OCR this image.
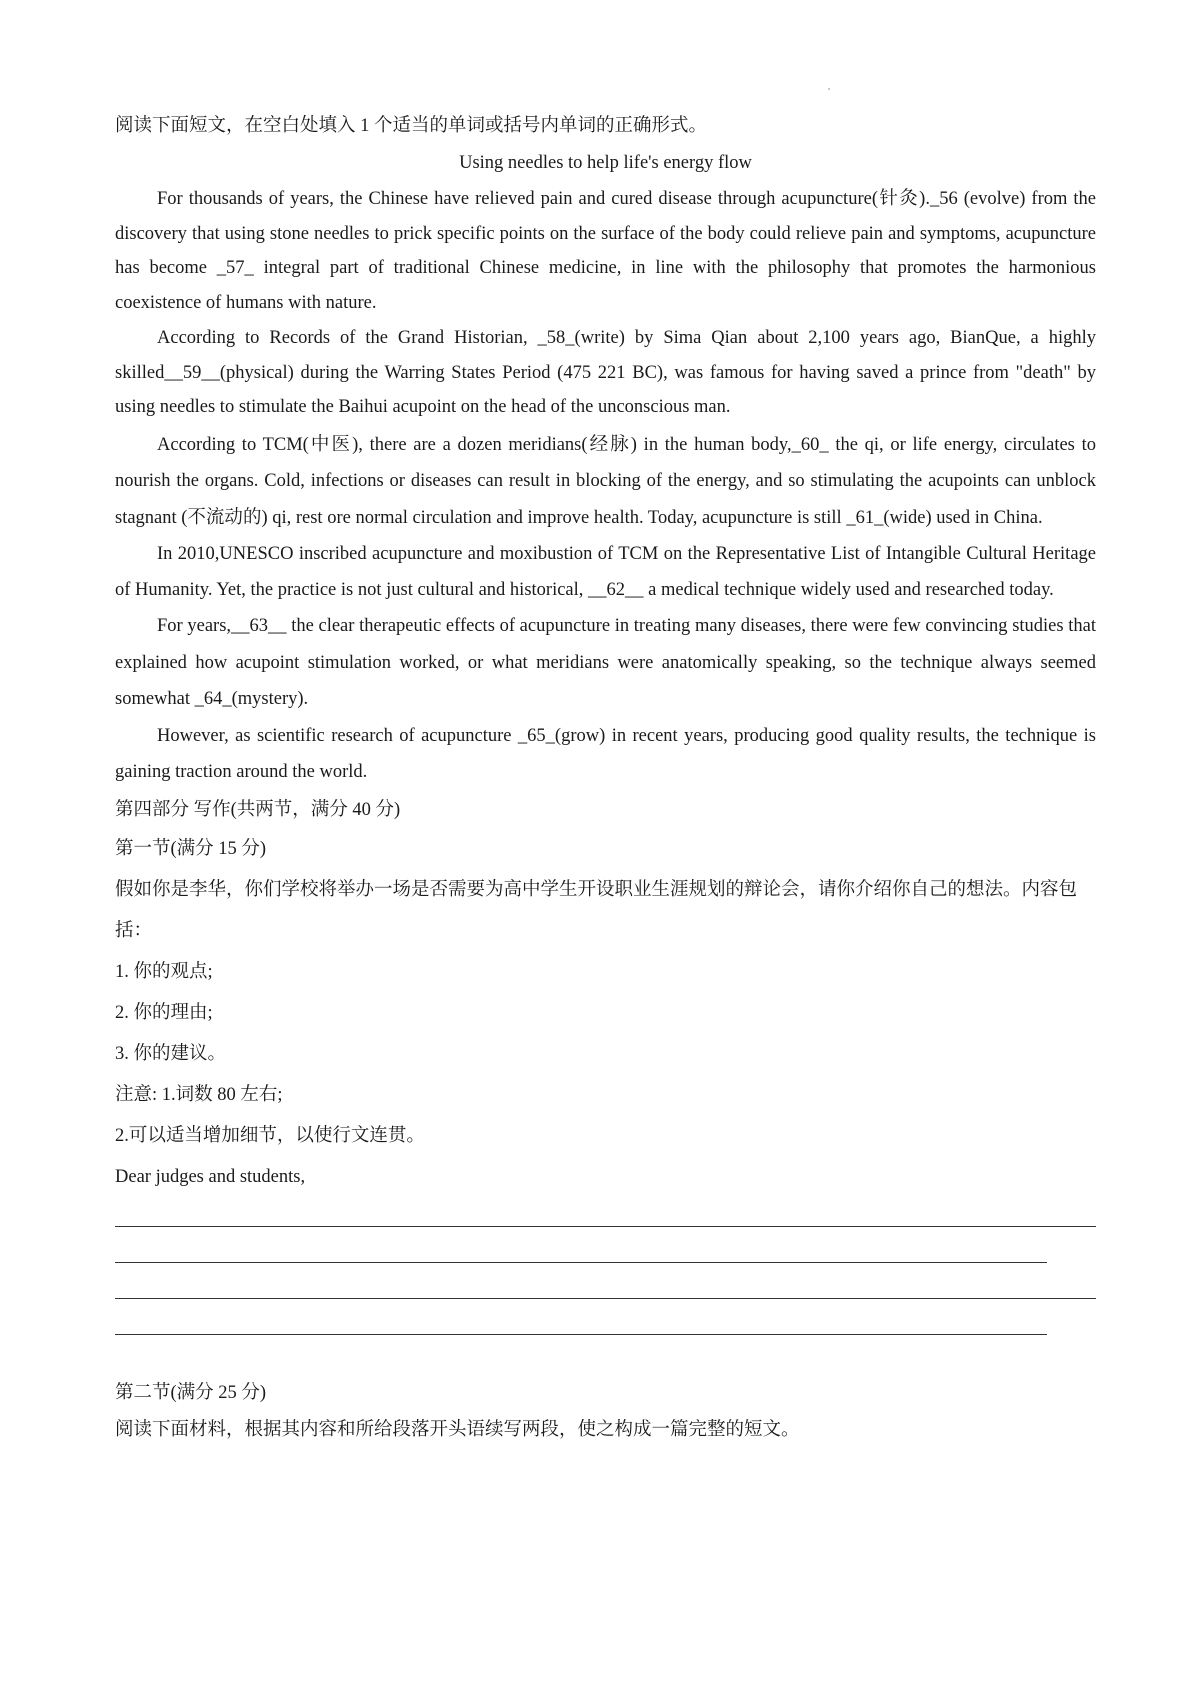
阅读下面短文，在空白处填入 1 个适当的单词或括号内单词的正确形式。

Using needles to help life's energy flow

For thousands of years, the Chinese have relieved pain and cured disease through acupuncture(针灸)._56 (evolve) from the discovery that using stone needles to prick specific points on the surface of the body could relieve pain and symptoms, acupuncture has become _57_ integral part of traditional Chinese medicine, in line with the philosophy that promotes the harmonious coexistence of humans with nature.

According to Records of the Grand Historian, _58_(write) by Sima Qian about 2,100 years ago, BianQue, a highly skilled__59__(physical) during the Warring States Period (475 221 BC), was famous for having saved a prince from "death" by using needles to stimulate the Baihui acupoint on the head of the unconscious man.

According to TCM(中医), there are a dozen meridians(经脉) in the human body,_60_ the qi, or life energy, circulates to nourish the organs. Cold, infections or diseases can result in blocking of the energy, and so stimulating the acupoints can unblock stagnant (不流动的) qi, rest ore normal circulation and improve health. Today, acupuncture is still _61_(wide) used in China.

In 2010,UNESCO inscribed acupuncture and moxibustion of TCM on the Representative List of Intangible Cultural Heritage of Humanity. Yet, the practice is not just cultural and historical, __62__ a medical technique widely used and researched today.

For years,__63__ the clear therapeutic effects of acupuncture in treating many diseases, there were few convincing studies that explained how acupoint stimulation worked, or what meridians were anatomically speaking, so the technique always seemed somewhat _64_(mystery).

However, as scientific research of acupuncture _65_(grow) in recent years, producing good quality results, the technique is gaining traction around the world.

第四部分 写作(共两节，满分 40 分)

第一节(满分 15 分)

假如你是李华，你们学校将举办一场是否需要为高中学生开设职业生涯规划的辩论会，请你介绍你自己的想法。内容包括：

1. 你的观点;

2. 你的理由;

3. 你的建议。

注意: 1.词数 80 左右;

2.可以适当增加细节，以使行文连贯。

Dear judges and students,

第二节(满分 25 分)

阅读下面材料，根据其内容和所给段落开头语续写两段，使之构成一篇完整的短文。
